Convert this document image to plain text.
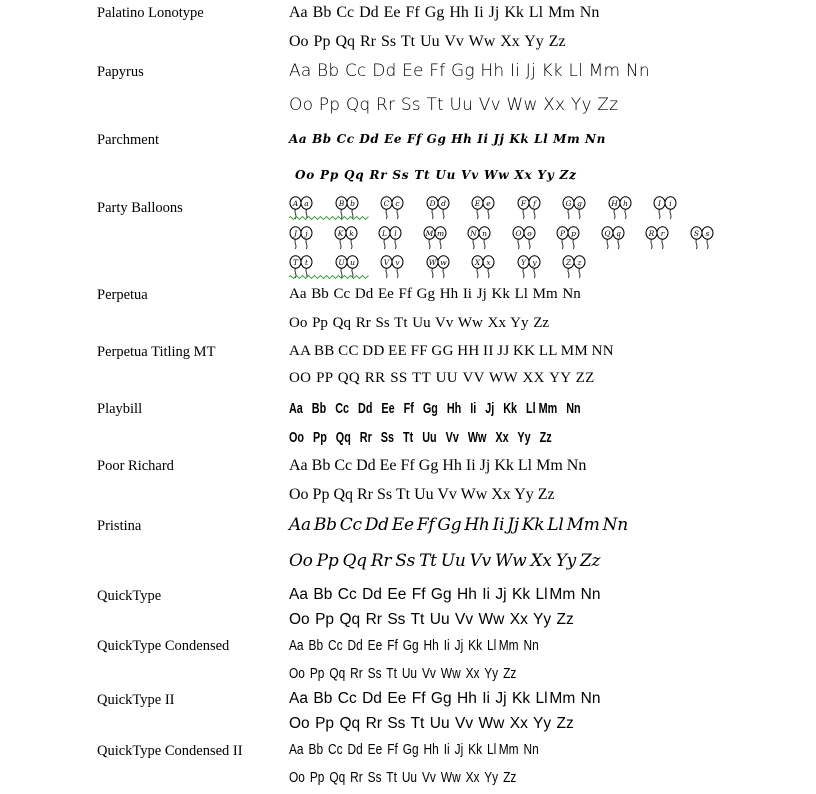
Palatino Lonotype	Aa Bb Cc Dd Ee Ff Gg Hh Ii Jj Kk Ll Mm Nn
Oo Pp Qq Rr Ss Tt Uu Vv Ww Xx Yy Zz
Papyrus	Aa Bb Cc Dd Ee Ff Gg Hh Ii Jj Kk Ll Mm Nn
Oo Pp Qq Rr Ss Tt Uu Vv Ww Xx Yy Zz
Parchment	Aa Bb Cc Dd Ee Ff Gg Hh Ii Jj Kk Ll Mm Nn
Oo Pp Qq Rr Ss Tt Uu Vv Ww Xx Yy Zz
Party Balloons	A a	B b	C c	D d	E e	F f	G g	H h	I i
J j	K k	L l	M m	N n	O o	P p	Q q	R r	S s
T t	U u	V v	W w	X x	Y y	Z z
Perpetua	Aa Bb Cc Dd Ee Ff Gg Hh Ii Jj Kk Ll Mm Nn
Oo Pp Qq Rr Ss Tt Uu Vv Ww Xx Yy Zz
Perpetua Titling MT	AA BB CC DD EE FF GG HH II JJ KK LL MM NN
OO PP QQ RR SS TT UU VV WW XX YY ZZ
Playbill	Aa   Bb   Cc   Dd   Ee   Ff   Gg   Hh   Ii   Jj   Kk   Ll Mm   Nn
Oo   Pp   Qq   Rr   Ss   Tt   Uu   Vv   Ww   Xx   Yy   Zz
Poor Richard	Aa Bb Cc Dd Ee Ff Gg Hh Ii Jj Kk Ll Mm Nn
Oo Pp Qq Rr Ss Tt Uu Vv Ww Xx Yy Zz
Pristina	Aa Bb Cc Dd Ee Ff Gg Hh Ii Jj Kk Ll Mm Nn
Oo Pp Qq Rr Ss Tt Uu Vv Ww Xx Yy Zz
QuickType	Aa   Bb   Cc   Dd   Ee   Ff   Gg   Hh   Ii   Jj   Kk   Ll Mm   Nn
Oo   Pp   Qq   Rr   Ss   Tt   Uu   Vv   Ww   Xx   Yy   Zz
QuickType Condensed	Aa  Bb  Cc  Dd  Ee  Ff  Gg  Hh  Ii  Jj  Kk  Ll Mm  Nn
Oo  Pp  Qq  Rr  Ss  Tt  Uu  Vv  Ww  Xx  Yy  Zz
QuickType II	Aa   Bb   Cc   Dd   Ee   Ff   Gg   Hh   Ii   Jj   Kk   Ll Mm   Nn
Oo   Pp   Qq   Rr   Ss   Tt   Uu   Vv   Ww   Xx   Yy   Zz
QuickType Condensed II	Aa  Bb  Cc  Dd  Ee  Ff  Gg  Hh  Ii  Jj  Kk  Ll Mm  Nn
Oo  Pp  Qq  Rr  Ss  Tt  Uu  Vv  Ww  Xx  Yy  Zz
